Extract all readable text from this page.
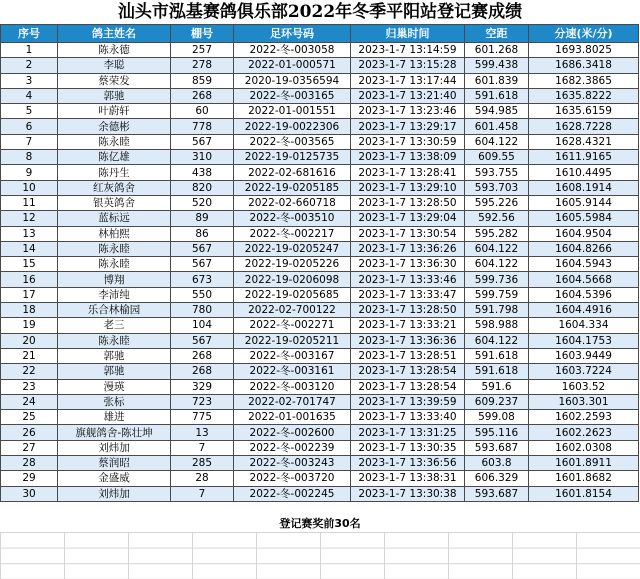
汕头市泓基赛鸽俱乐部2022年冬季平阳站登记赛成绩
序号	鸽主姓名	棚号	足环号码	归巢时间	空距	分速(米/分)
1	陈永德	257	2022-冬-003058	2023-1-7 13:14:59	601.268	1693.8025
2	李聪	278	2022-01-000571	2023-1-7 13:15:28	599.438	1686.3418
3	蔡荣发	859	2020-19-0356594	2023-1-7 13:17:44	601.839	1682.3865
4	郭驰	268	2022-冬-003165	2023-1-7 13:21:40	591.618	1635.8222
5	叶蔚轩	60	2022-01-001551	2023-1-7 13:23:46	594.985	1635.6159
6	余德彬	778	2022-19-0022306	2023-1-7 13:29:17	601.458	1628.7228
7	陈永睦	567	2022-冬-003565	2023-1-7 13:30:59	604.122	1628.4321
8	陈亿雄	310	2022-19-0125735	2023-1-7 13:38:09	609.55	1611.9165
9	陈丹生	438	2022-02-681616	2023-1-7 13:28:41	593.755	1610.4495
10	红灰鸽舍	820	2022-19-0205185	2023-1-7 13:29:10	593.703	1608.1914
11	银英鸽舍	520	2022-02-660718	2023-1-7 13:28:50	595.226	1605.9144
12	蓝标远	89	2022-冬-003510	2023-1-7 13:29:04	592.56	1605.5984
13	林柏熙	86	2022-冬-002217	2023-1-7 13:30:54	595.282	1604.9504
14	陈永睦	567	2022-19-0205247	2023-1-7 13:36:26	604.122	1604.8266
15	陈永睦	567	2022-19-0205226	2023-1-7 13:36:30	604.122	1604.5943
16	博翔	673	2022-19-0206098	2023-1-7 13:33:46	599.736	1604.5668
17	李沛纯	550	2022-19-0205685	2023-1-7 13:33:47	599.759	1604.5396
18	乐合林榆园	780	2022-02-700122	2023-1-7 13:28:50	591.798	1604.4916
19	老三	104	2022-冬-002271	2023-1-7 13:33:21	598.988	1604.334
20	陈永睦	567	2022-19-0205211	2023-1-7 13:36:36	604.122	1604.1753
21	郭驰	268	2022-冬-003167	2023-1-7 13:28:51	591.618	1603.9449
22	郭驰	268	2022-冬-003161	2023-1-7 13:28:54	591.618	1603.7224
23	漫瑛	329	2022-冬-003120	2023-1-7 13:28:54	591.6	1603.52
24	张标	723	2022-02-701747	2023-1-7 13:39:59	609.237	1603.301
25	雄进	775	2022-01-001635	2023-1-7 13:33:40	599.08	1602.2593
26	旗舰鸽舍-陈壮坤	13	2022-冬-002600	2023-1-7 13:31:25	595.116	1602.2623
27	刘炜加	7	2022-冬-002239	2023-1-7 13:30:35	593.687	1602.0308
28	蔡润昭	285	2022-冬-003243	2023-1-7 13:36:56	603.8	1601.8911
29	金盛威	28	2022-冬-003720	2023-1-7 13:38:31	606.329	1601.8682
30	刘炜加	7	2022-冬-002245	2023-1-7 13:30:38	593.687	1601.8154
登记赛奖前30名
